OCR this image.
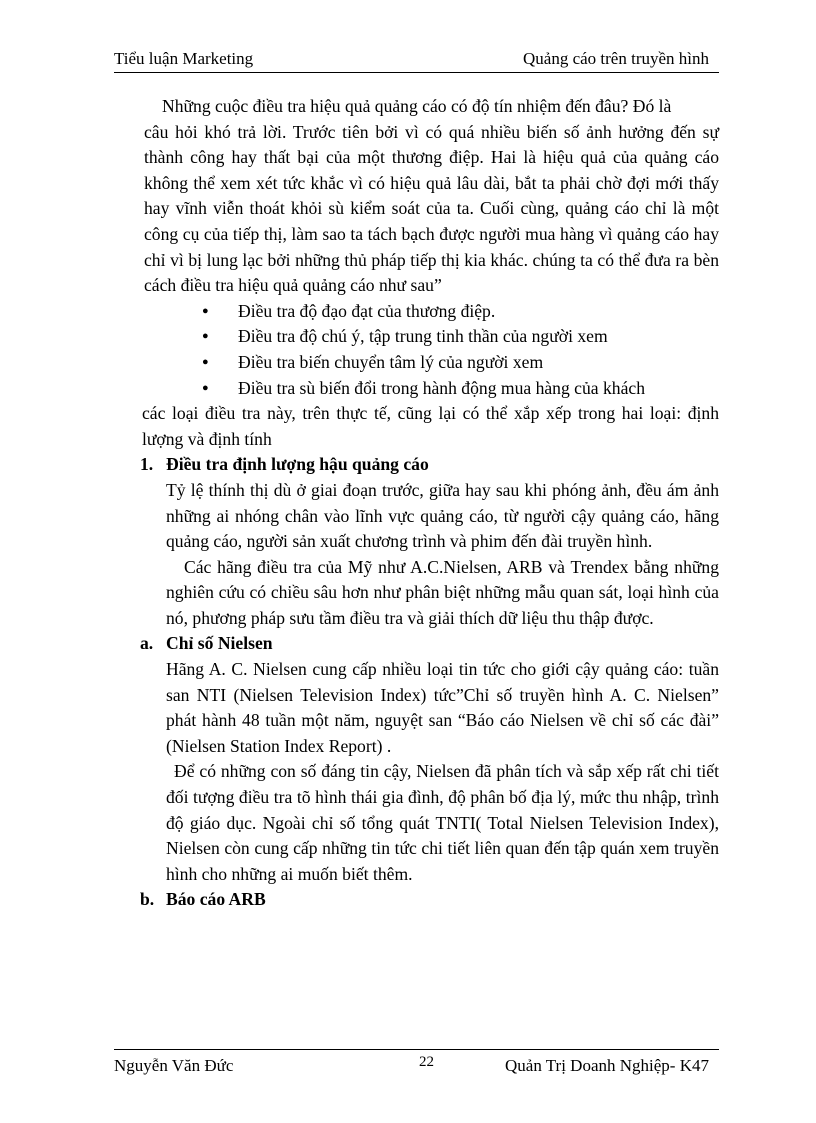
Tiểu luận Marketing	Quảng cáo trên truyền hình

Những cuộc điều tra hiệu quả quảng cáo có độ tín nhiệm đến đâu? Đó là

câu hỏi khó trả lời. Trước tiên bởi vì có quá nhiều biến số ảnh hưởng đến sự thành công hay thất bại của một thương điệp. Hai là hiệu quả của quảng cáo không thể xem xét tức khắc vì có hiệu quả lâu dài, bắt ta phải chờ đợi mới thấy hay vĩnh viễn thoát khỏi sù kiểm soát của ta. Cuối cùng, quảng cáo chỉ là một công cụ của tiếp thị, làm sao ta tách bạch được người mua hàng vì quảng cáo hay chỉ vì bị lung lạc bởi những thủ pháp tiếp thị kia khác. chúng ta có thể đưa ra bèn cách điều tra hiệu quả quảng cáo như sau”

● Điều tra độ đạo đạt của thương điệp.
● Điều tra độ chú ý, tập trung tinh thần của người xem
● Điều tra biến chuyển tâm lý của người xem
● Điều tra sù biến đổi trong hành động mua hàng của khách

các loại điều tra này, trên thực tế, cũng lại có thể xắp xếp trong hai loại: định lượng và định tính

1. Điều tra định lượng hậu quảng cáo

Tỷ lệ thính thị dù ở giai đoạn trước, giữa hay sau khi phóng ảnh, đều ám ảnh những ai nhóng chân vào lĩnh vực quảng cáo, từ người cậy quảng cáo, hãng quảng cáo, người sản xuất chương trình và phim đến đài truyền hình.

Các hãng điều tra của Mỹ như A.C.Nielsen, ARB và Trendex bằng những nghiên cứu có chiều sâu hơn như phân biệt những mẫu quan sát, loại hình của nó, phương pháp sưu tầm điều tra và giải thích dữ liệu thu thập được.

a. Chỉ số Nielsen

Hãng A. C. Nielsen cung cấp nhiều loại tin tức cho giới cậy quảng cáo: tuần san NTI (Nielsen Television Index) tức”Chỉ số truyền hình A. C. Nielsen” phát hành 48 tuần một năm, nguyệt san “Báo cáo Nielsen về chỉ số các đài” (Nielsen Station Index Report) .

Để có những con số đáng tin cậy, Nielsen đã phân tích và sắp xếp rất chi tiết đối tượng điều tra tõ hình thái gia đình, độ phân bố địa lý, mức thu nhập, trình độ giáo dục. Ngoài chỉ số tổng quát TNTI( Total Nielsen Television Index), Nielsen còn cung cấp những tin tức chi tiết liên quan đến tập quán xem truyền hình cho những ai muốn biết thêm.

b. Báo cáo ARB
Nguyễn Văn Đức	22	Quản Trị Doanh Nghiệp- K47
